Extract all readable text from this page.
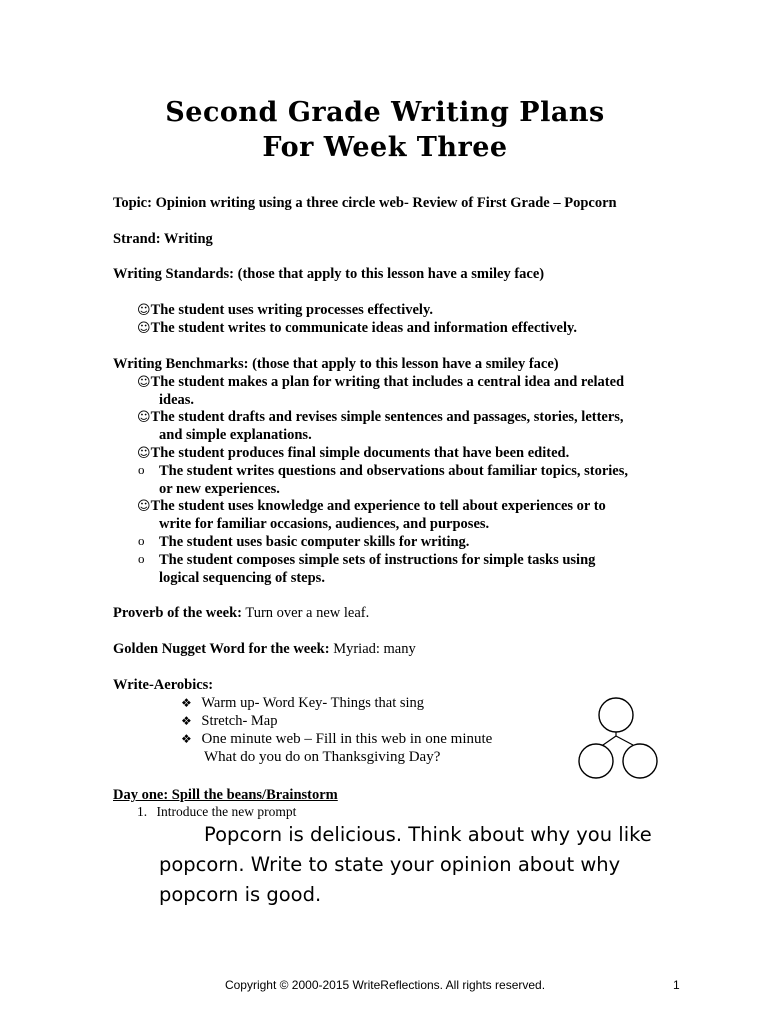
Second Grade Writing Plans
For Week Three
Topic: Opinion writing using a three circle web- Review of First Grade – Popcorn
Strand: Writing
Writing Standards: (those that apply to this lesson have a smiley face)
☺The student uses writing processes effectively.
☺The student writes to communicate ideas and information effectively.
Writing Benchmarks: (those that apply to this lesson have a smiley face)
☺The student makes a plan for writing that includes a central idea and related
ideas.
☺The student drafts and revises simple sentences and passages, stories, letters,
and simple explanations.
☺The student produces final simple documents that have been edited.
o The student writes questions and observations about familiar topics, stories,
or new experiences.
☺The student uses knowledge and experience to tell about experiences or to
write for familiar occasions, audiences, and purposes.
o The student uses basic computer skills for writing.
o The student composes simple sets of instructions for simple tasks using
logical sequencing of steps.
Proverb of the week: Turn over a new leaf.
Golden Nugget Word for the week: Myriad: many
Write-Aerobics:
❖ Warm up- Word Key- Things that sing
❖ Stretch- Map
❖ One minute web – Fill in this web in one minute
What do you do on Thanksgiving Day?
Day one: Spill the beans/Brainstorm
1. Introduce the new prompt
Popcorn is delicious. Think about why you like
popcorn. Write to state your opinion about why
popcorn is good.
Copyright © 2000-2015 WriteReflections. All rights reserved.	1
